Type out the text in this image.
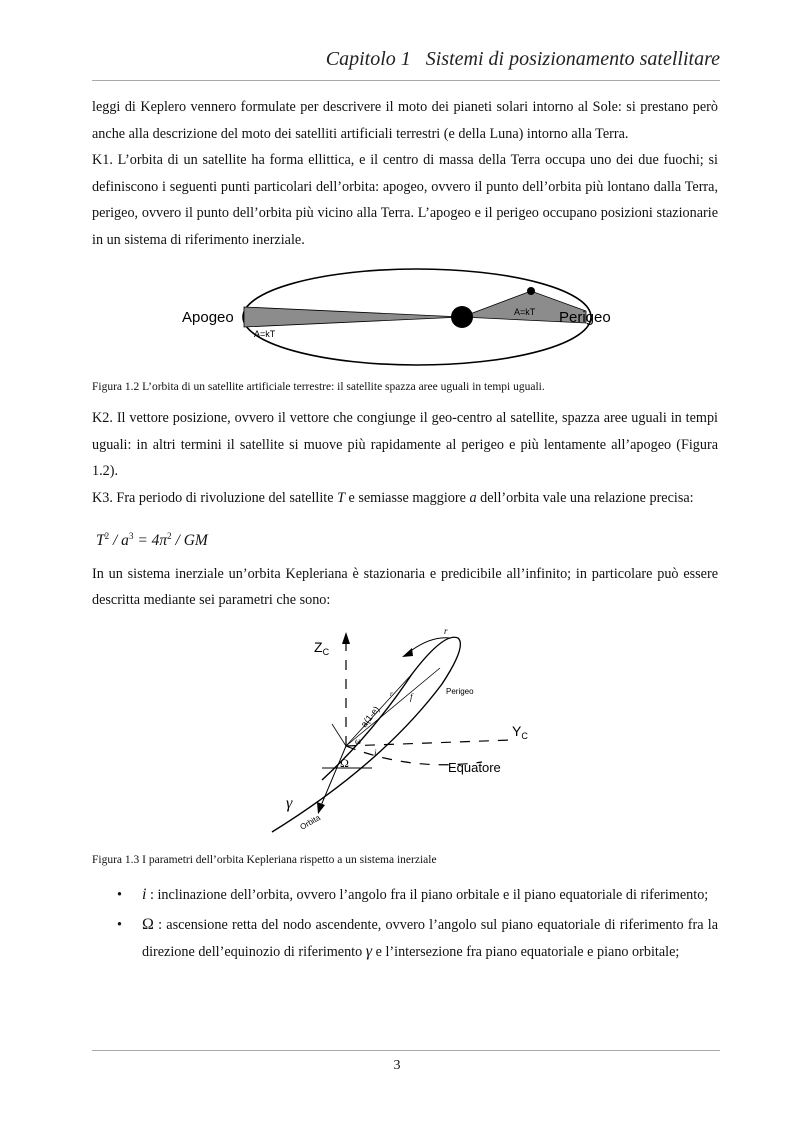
Capitolo 1 Sistemi di posizionamento satellitare

leggi di Keplero vennero formulate per descrivere il moto dei pianeti solari intorno al Sole: si prestano però anche alla descrizione del moto dei satelliti artificiali terrestri (e della Luna) intorno alla Terra.

K1. L’orbita di un satellite ha forma ellittica, e il centro di massa della Terra occupa uno dei due fuochi; si definiscono i seguenti punti particolari dell’orbita: apogeo, ovvero il punto dell’orbita più lontano dalla Terra, perigeo, ovvero il punto dell’orbita più vicino alla Terra. L’apogeo e il perigeo occupano posizioni stazionarie in un sistema di riferimento inerziale.

Apogeo	Perigeo
A=kT
A=kT

Figura 1.2 L’orbita di un satellite artificiale terrestre: il satellite spazza aree uguali in tempi uguali.

K2. Il vettore posizione, ovvero il vettore che congiunge il geo-centro al satellite, spazza aree uguali in tempi uguali: in altri termini il satellite si muove più rapidamente al perigeo e più lentamente all’apogeo (Figura 1.2).

K3. Fra periodo di rivoluzione del satellite T e semiasse maggiore a dell’orbita vale una relazione precisa:

$T^2 / a^3 = 4\pi^2$ / GM

In un sistema inerziale un’orbita Kepleriana è stazionaria e predicibile all’infinito; in particolare può essere descritta mediante sei parametri che sono:

$Z_C$
$Y_C$
Equatore
Perigeo
Orbita
γ
Ω
ω
i
f
r
a(1-e)
r

Figura 1.3 I parametri dell’orbita Kepleriana rispetto a un sistema inerziale

• i : inclinazione dell’orbita, ovvero l’angolo fra il piano orbitale e il piano equatoriale di riferimento;
• Ω : ascensione retta del nodo ascendente, ovvero l’angolo sul piano equatoriale di riferimento fra la direzione dell’equinozio di riferimento γ e l’intersezione fra piano equatoriale e piano orbitale;
3
